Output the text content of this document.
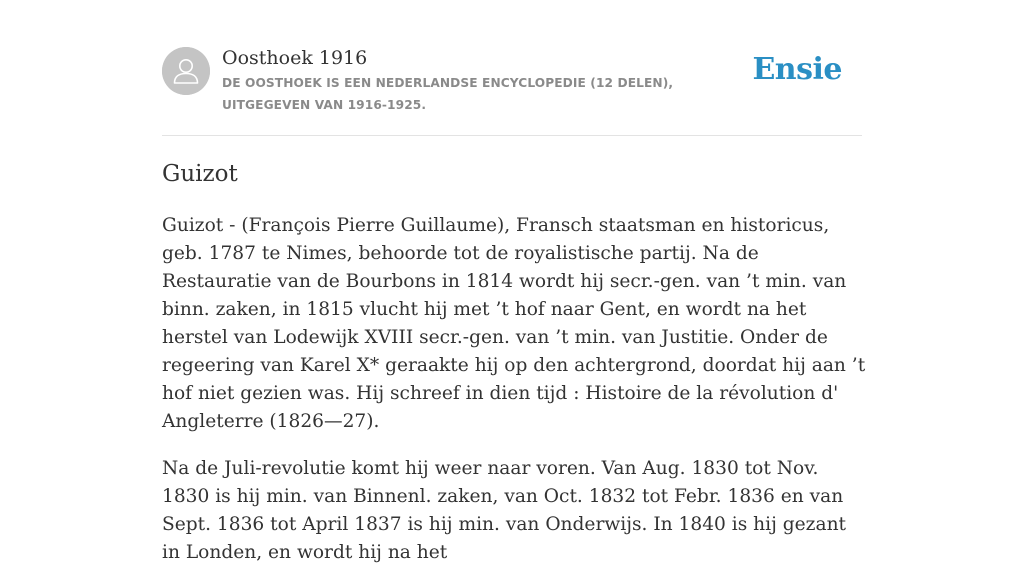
Oosthoek 1916
DE OOSTHOEK IS EEN NEDERLANDSE ENCYCLOPEDIE (12 DELEN), UITGEGEVEN VAN 1916-1925.
Ensie
Guizot

Guizot - (François Pierre Guillaume), Fransch staatsman en historicus, geb. 1787 te Nimes, behoorde tot de royalistische partij. Na de Restauratie van de Bourbons in 1814 wordt hij secr.-gen. van ’t min. van binn. zaken, in 1815 vlucht hij met ’t hof naar Gent, en wordt na het herstel van Lodewijk XVIII secr.-gen. van ’t min. van Justitie. Onder de regeering van Karel X* geraakte hij op den achtergrond, doordat hij aan ’t hof niet gezien was. Hij schreef in dien tijd : Histoire de la révolution d' Angleterre (1826—27).

Na de Juli-revolutie komt hij weer naar voren. Van Aug. 1830 tot Nov. 1830 is hij min. van Binnenl. zaken, van Oct. 1832 tot Febr. 1836 en van Sept. 1836 tot April 1837 is hij min. van Onderwijs. In 1840 is hij gezant in Londen, en wordt hij na het
